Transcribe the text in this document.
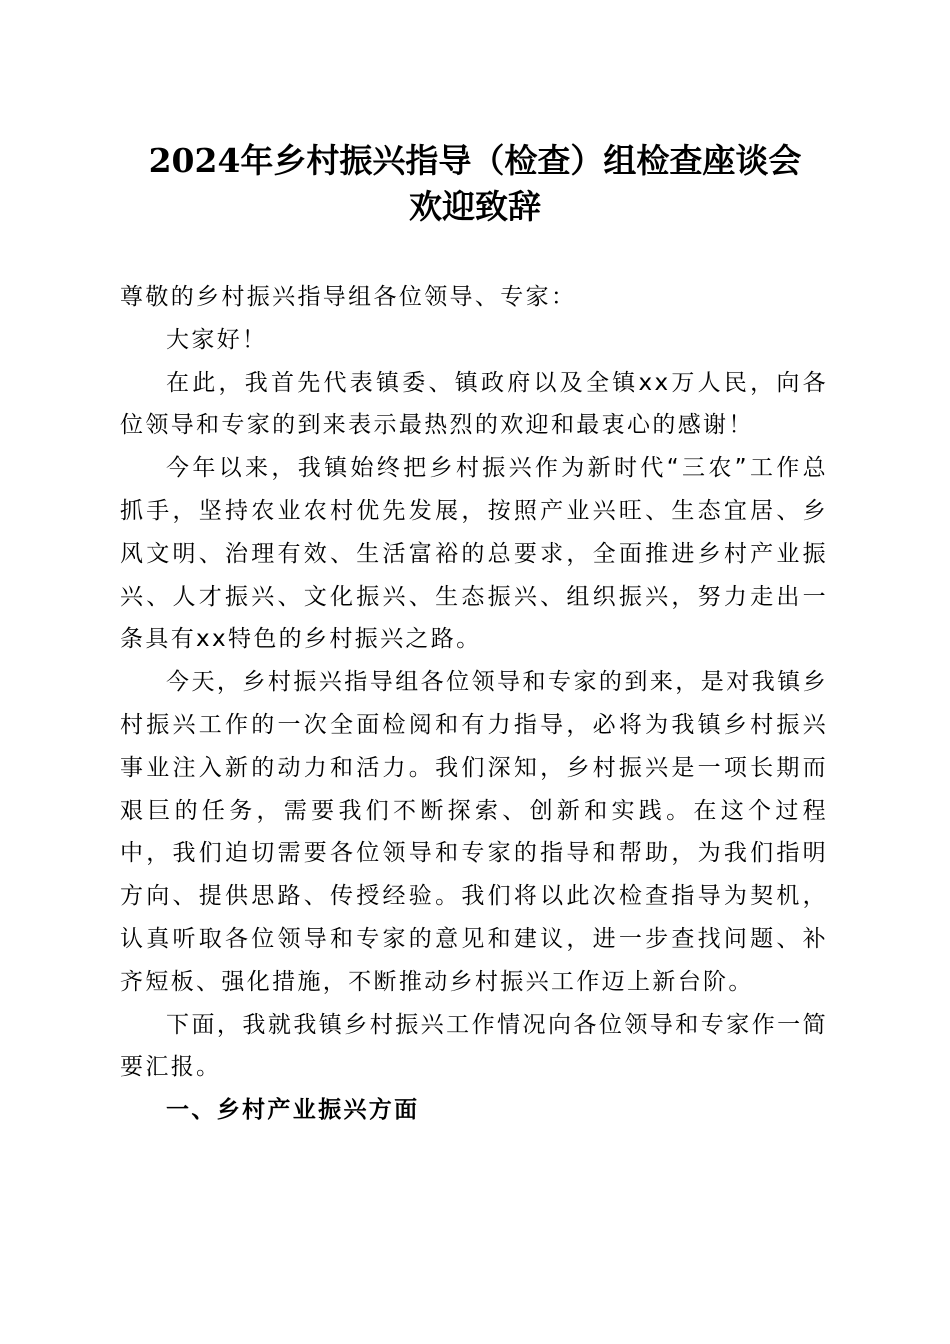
2024年乡村振兴指导（检查）组检查座谈会
欢迎致辞

尊敬的乡村振兴指导组各位领导、专家：

大家好！

在此，我首先代表镇委、镇政府以及全镇xx万人民，向各位领导和专家的到来表示最热烈的欢迎和最衷心的感谢！

今年以来，我镇始终把乡村振兴作为新时代“三农”工作总抓手，坚持农业农村优先发展，按照产业兴旺、生态宜居、乡风文明、治理有效、生活富裕的总要求，全面推进乡村产业振兴、人才振兴、文化振兴、生态振兴、组织振兴，努力走出一条具有xx特色的乡村振兴之路。

今天，乡村振兴指导组各位领导和专家的到来，是对我镇乡村振兴工作的一次全面检阅和有力指导，必将为我镇乡村振兴事业注入新的动力和活力。我们深知，乡村振兴是一项长期而艰巨的任务，需要我们不断探索、创新和实践。在这个过程中，我们迫切需要各位领导和专家的指导和帮助，为我们指明方向、提供思路、传授经验。我们将以此次检查指导为契机，认真听取各位领导和专家的意见和建议，进一步查找问题、补齐短板、强化措施，不断推动乡村振兴工作迈上新台阶。

下面，我就我镇乡村振兴工作情况向各位领导和专家作一简要汇报。

一、乡村产业振兴方面
